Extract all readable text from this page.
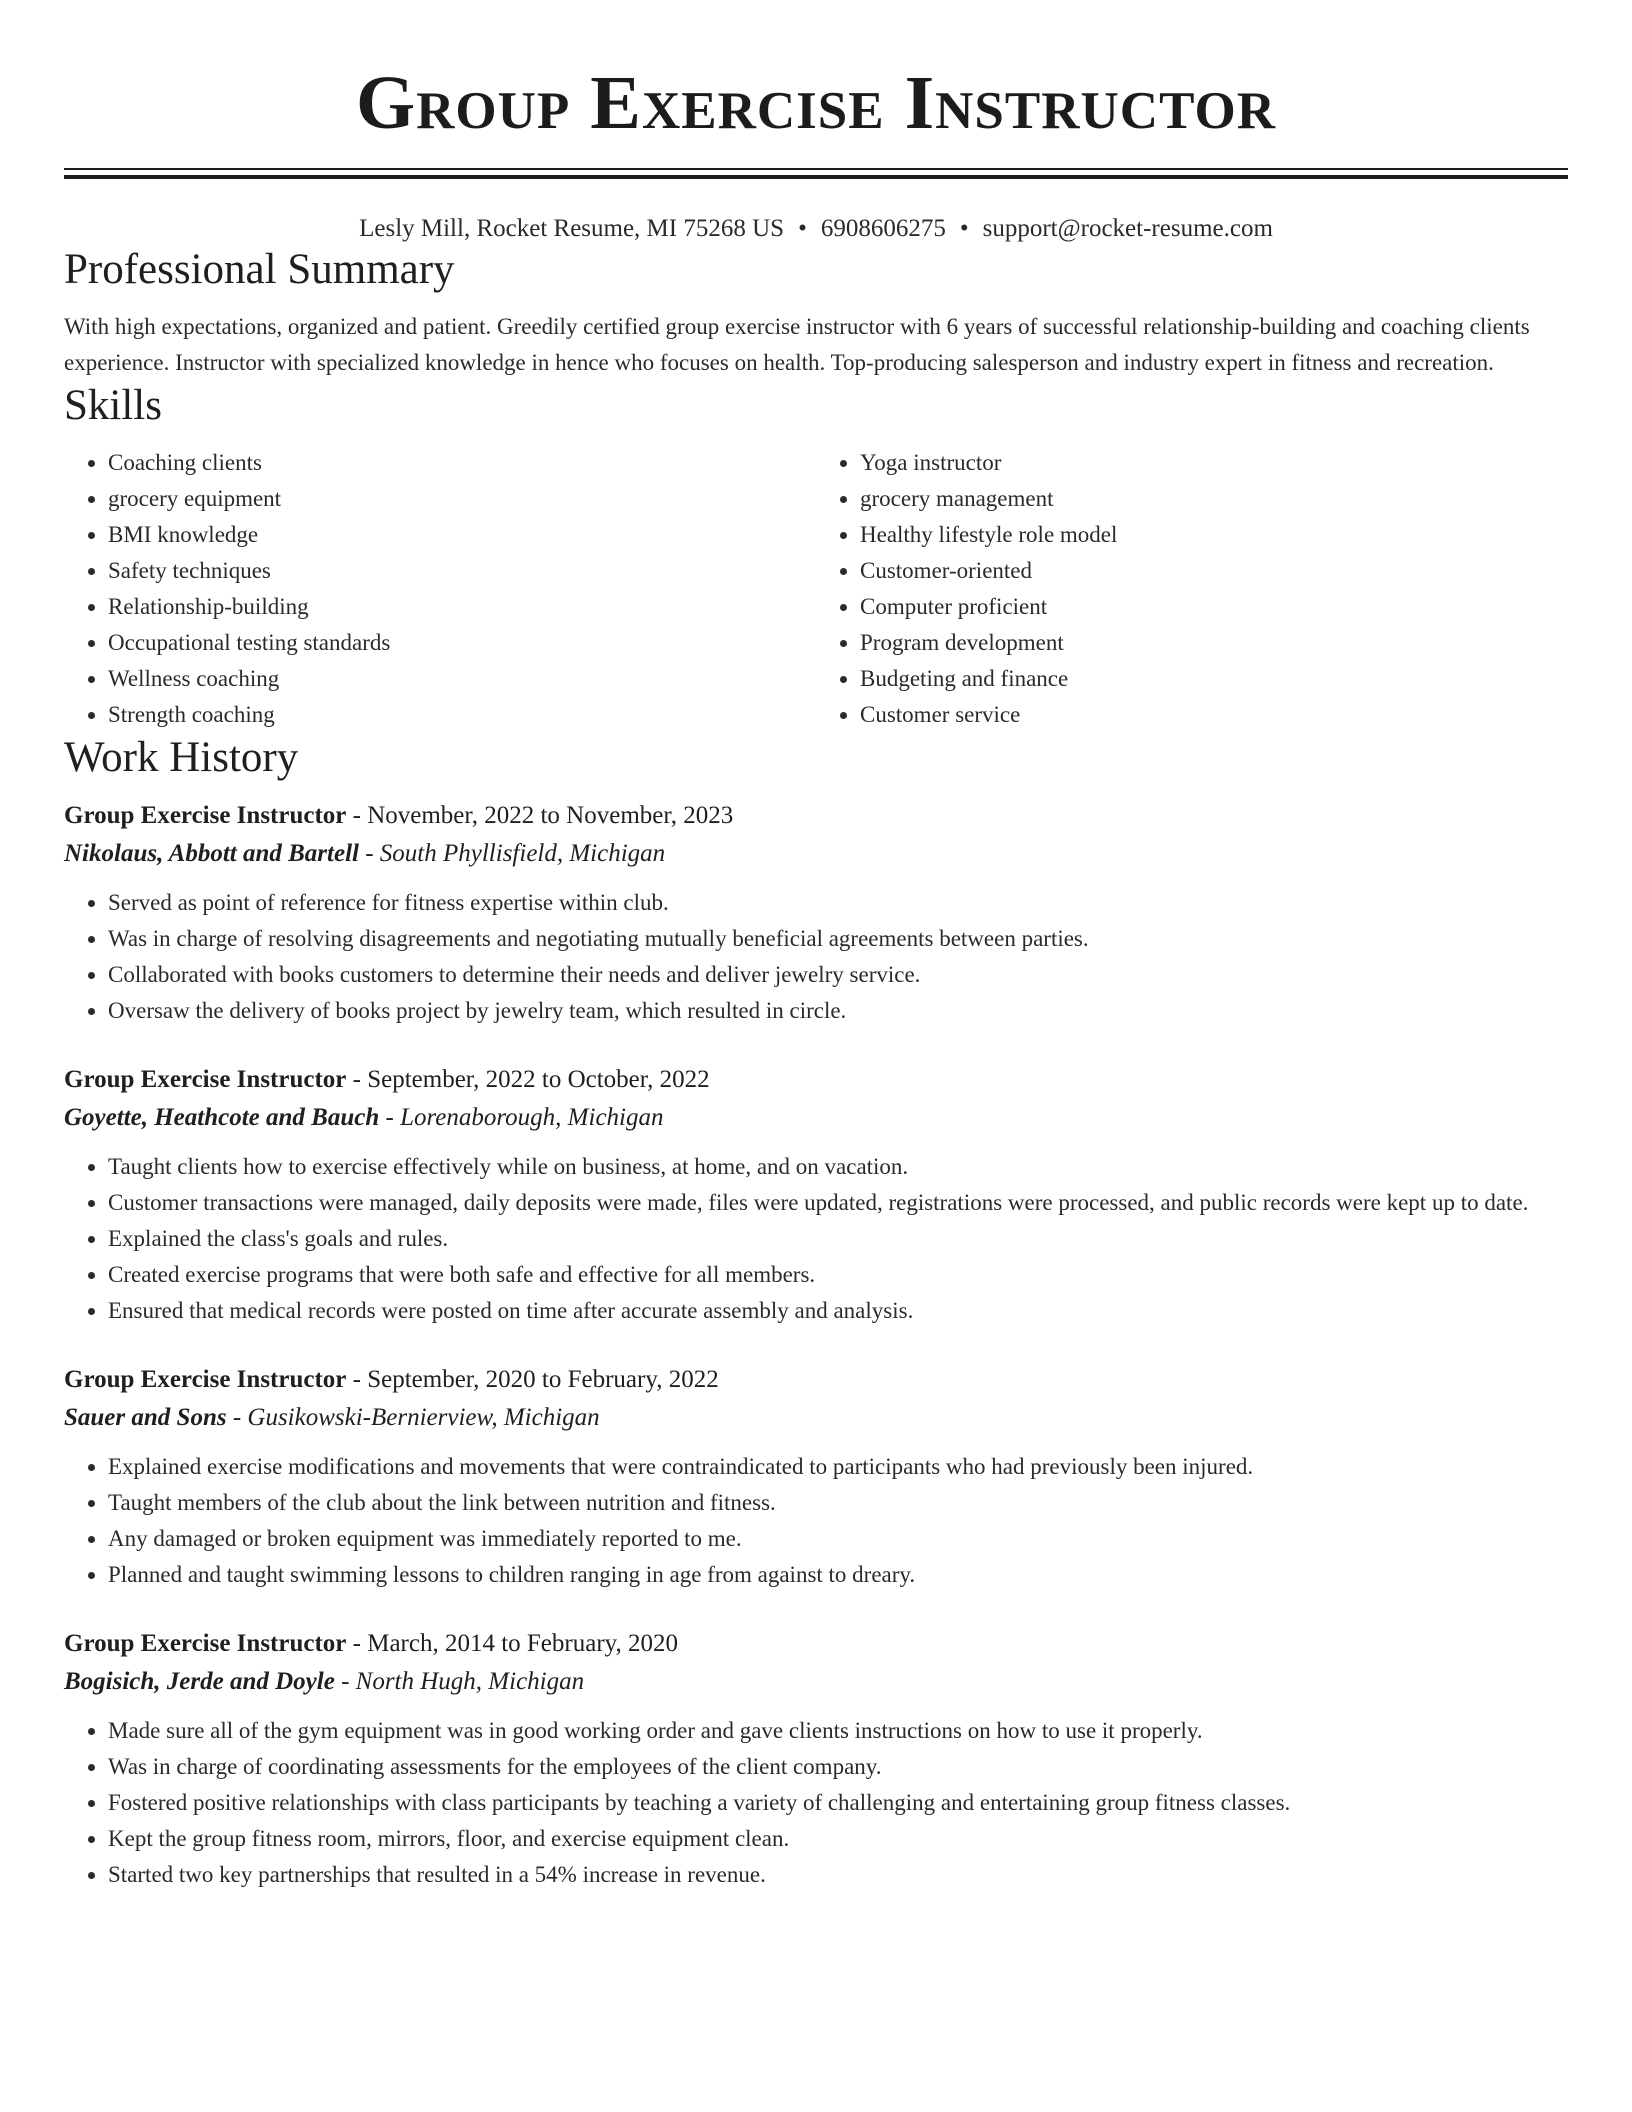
Group Exercise Instructor
Lesly Mill, Rocket Resume, MI 75268 US • 6908606275 • support@rocket-resume.com
Professional Summary

With high expectations, organized and patient. Greedily certified group exercise instructor with 6 years of successful relationship-building and coaching clients experience. Instructor with specialized knowledge in hence who focuses on health. Top-producing salesperson and industry expert in fitness and recreation.

Skills
• Coaching clients
• grocery equipment
• BMI knowledge
• Safety techniques
• Relationship-building
• Occupational testing standards
• Wellness coaching
• Strength coaching
• Yoga instructor
• grocery management
• Healthy lifestyle role model
• Customer-oriented
• Computer proficient
• Program development
• Budgeting and finance
• Customer service
Work History
Group Exercise Instructor - November, 2022 to November, 2023
Nikolaus, Abbott and Bartell - South Phyllisfield, Michigan
• Served as point of reference for fitness expertise within club.
• Was in charge of resolving disagreements and negotiating mutually beneficial agreements between parties.
• Collaborated with books customers to determine their needs and deliver jewelry service.
• Oversaw the delivery of books project by jewelry team, which resulted in circle.
Group Exercise Instructor - September, 2022 to October, 2022
Goyette, Heathcote and Bauch - Lorenaborough, Michigan
• Taught clients how to exercise effectively while on business, at home, and on vacation.
• Customer transactions were managed, daily deposits were made, files were updated, registrations were processed, and public records were kept up to date.
• Explained the class's goals and rules.
• Created exercise programs that were both safe and effective for all members.
• Ensured that medical records were posted on time after accurate assembly and analysis.
Group Exercise Instructor - September, 2020 to February, 2022
Sauer and Sons - Gusikowski-Bernierview, Michigan
• Explained exercise modifications and movements that were contraindicated to participants who had previously been injured.
• Taught members of the club about the link between nutrition and fitness.
• Any damaged or broken equipment was immediately reported to me.
• Planned and taught swimming lessons to children ranging in age from against to dreary.
Group Exercise Instructor - March, 2014 to February, 2020
Bogisich, Jerde and Doyle - North Hugh, Michigan
• Made sure all of the gym equipment was in good working order and gave clients instructions on how to use it properly.
• Was in charge of coordinating assessments for the employees of the client company.
• Fostered positive relationships with class participants by teaching a variety of challenging and entertaining group fitness classes.
• Kept the group fitness room, mirrors, floor, and exercise equipment clean.
• Started two key partnerships that resulted in a 54% increase in revenue.
